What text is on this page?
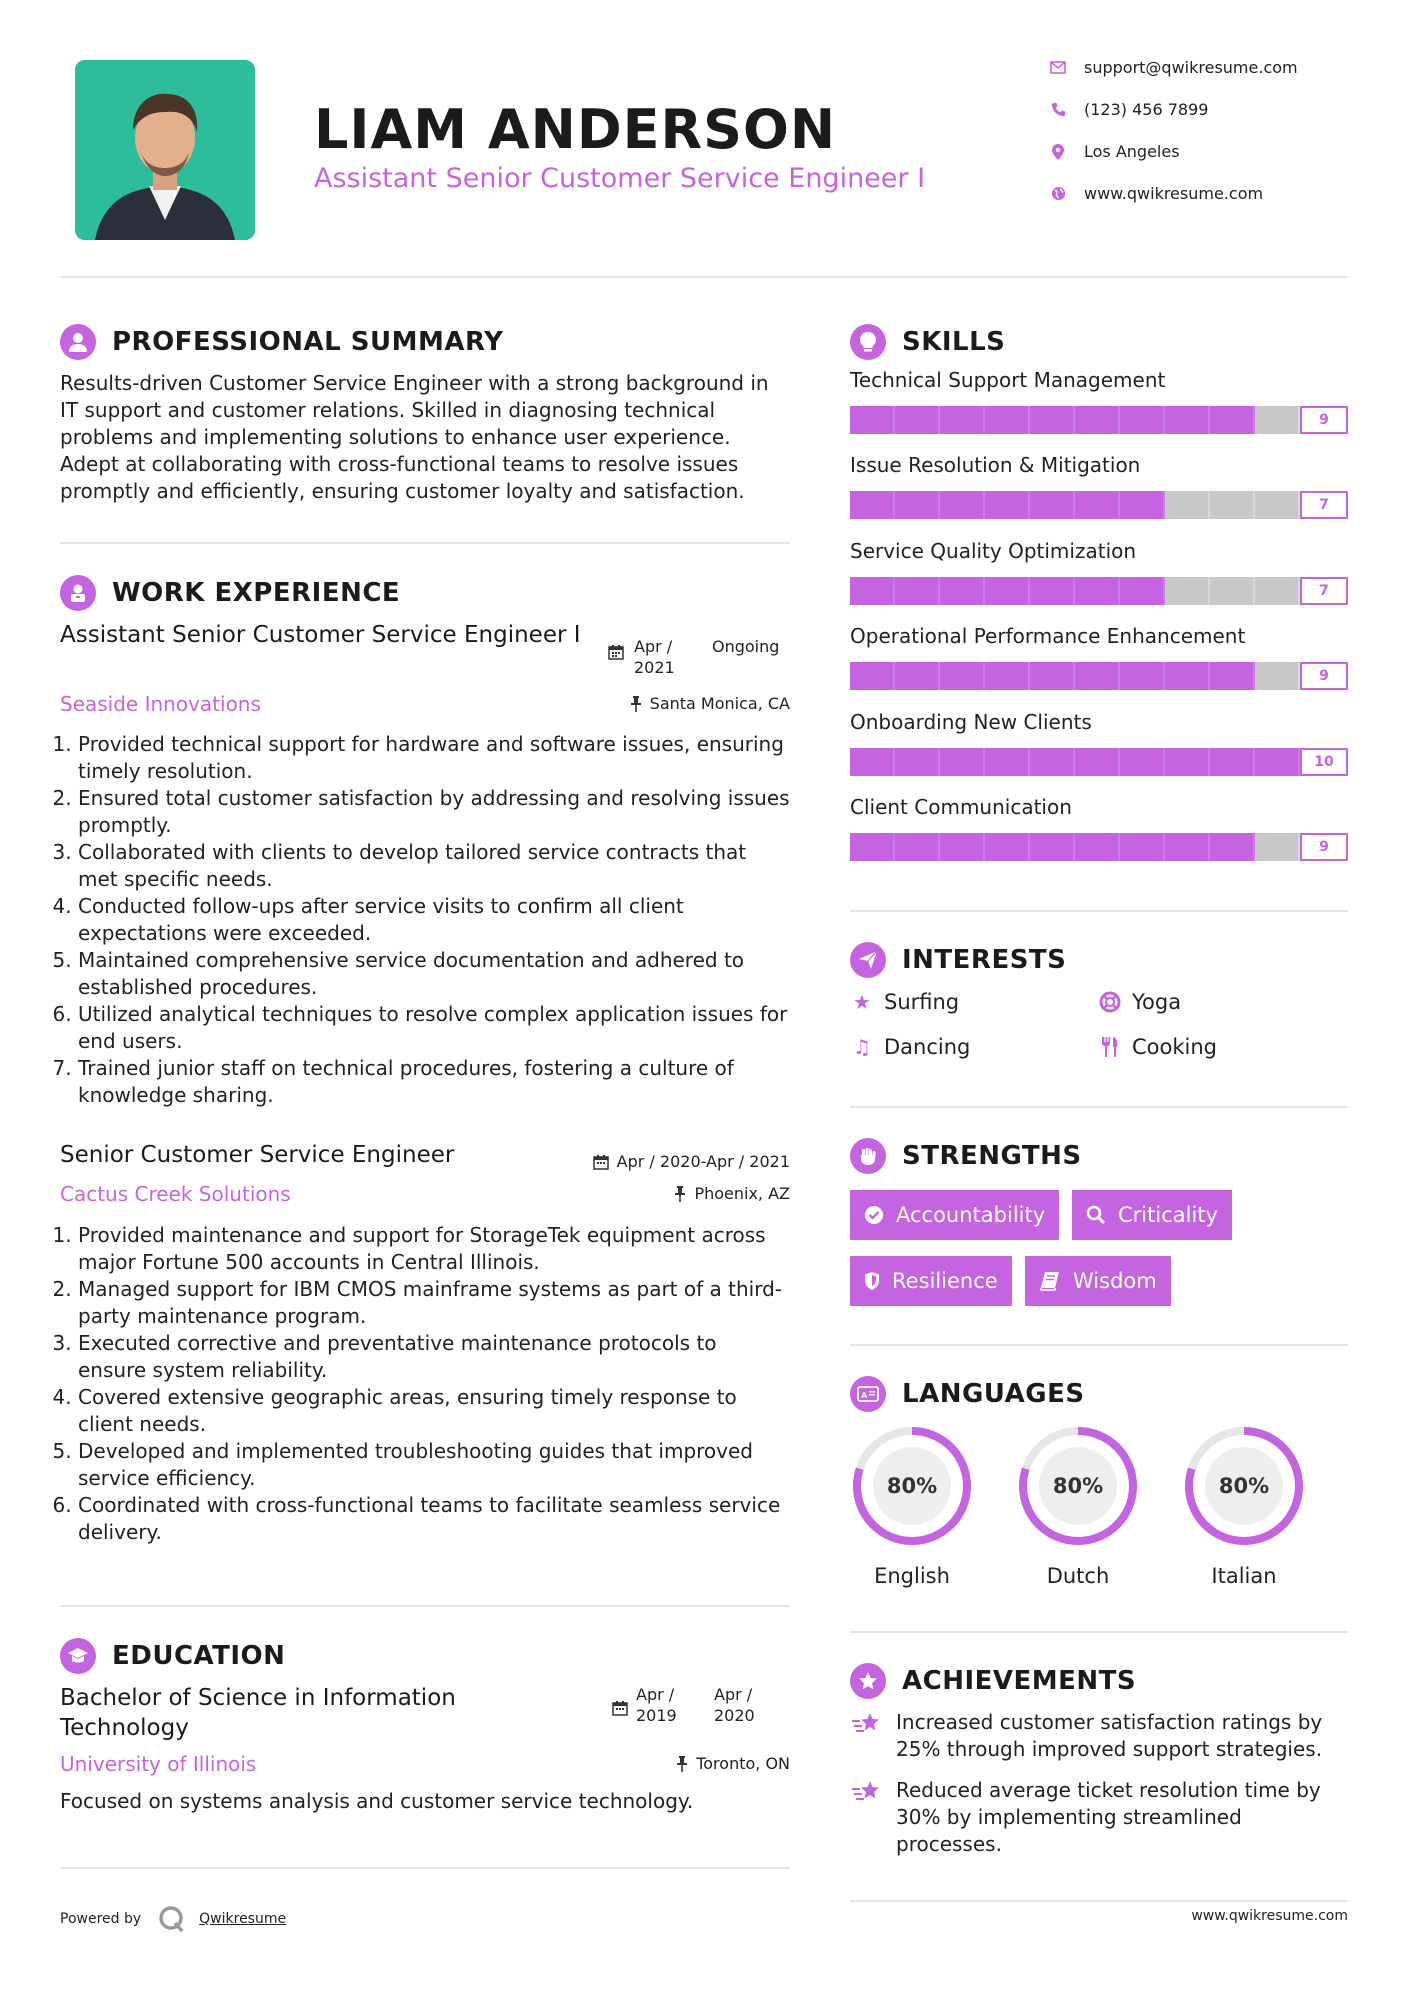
LIAM ANDERSON
Assistant Senior Customer Service Engineer I
support@qwikresume.com
(123) 456 7899
Los Angeles
www.qwikresume.com
PROFESSIONAL SUMMARY
Results-driven Customer Service Engineer with a strong background in IT support and customer relations. Skilled in diagnosing technical problems and implementing solutions to enhance user experience. Adept at collaborating with cross-functional teams to resolve issues promptly and efficiently, ensuring customer loyalty and satisfaction.
WORK EXPERIENCE
Assistant Senior Customer Service Engineer I	Apr / 2021
Ongoing
Seaside Innovations	Santa Monica, CA
1. Provided technical support for hardware and software issues, ensuring timely resolution.
2. Ensured total customer satisfaction by addressing and resolving issues promptly.
3. Collaborated with clients to develop tailored service contracts that met specific needs.
4. Conducted follow-ups after service visits to confirm all client expectations were exceeded.
5. Maintained comprehensive service documentation and adhered to established procedures.
6. Utilized analytical techniques to resolve complex application issues for end users.
7. Trained junior staff on technical procedures, fostering a culture of knowledge sharing.
Senior Customer Service Engineer	Apr / 2020-Apr / 2021
Cactus Creek Solutions	Phoenix, AZ
1. Provided maintenance and support for StorageTek equipment across major Fortune 500 accounts in Central Illinois.
2. Managed support for IBM CMOS mainframe systems as part of a third-party maintenance program.
3. Executed corrective and preventative maintenance protocols to ensure system reliability.
4. Covered extensive geographic areas, ensuring timely response to client needs.
5. Developed and implemented troubleshooting guides that improved service efficiency.
6. Coordinated with cross-functional teams to facilitate seamless service delivery.
EDUCATION
Bachelor of Science in Information Technology
Apr / 2019
Apr / 2020
University of Illinois	Toronto, ON
Focused on systems analysis and customer service technology.
Powered by	Qwikresume
SKILLS
Technical Support Management
9
Issue Resolution & Mitigation
7
Service Quality Optimization
7
Operational Performance Enhancement
9
Onboarding New Clients
10
Client Communication
9
INTERESTS
★ Surfing	Yoga
♫ Dancing	Cooking
STRENGTHS
Accountability	Criticality
Resilience	Wisdom
A LANGUAGES
80%
English
80%
Dutch
80%
Italian
ACHIEVEMENTS
Increased customer satisfaction ratings by 25% through improved support strategies.
Reduced average ticket resolution time by 30% by implementing streamlined processes.
www.qwikresume.com
